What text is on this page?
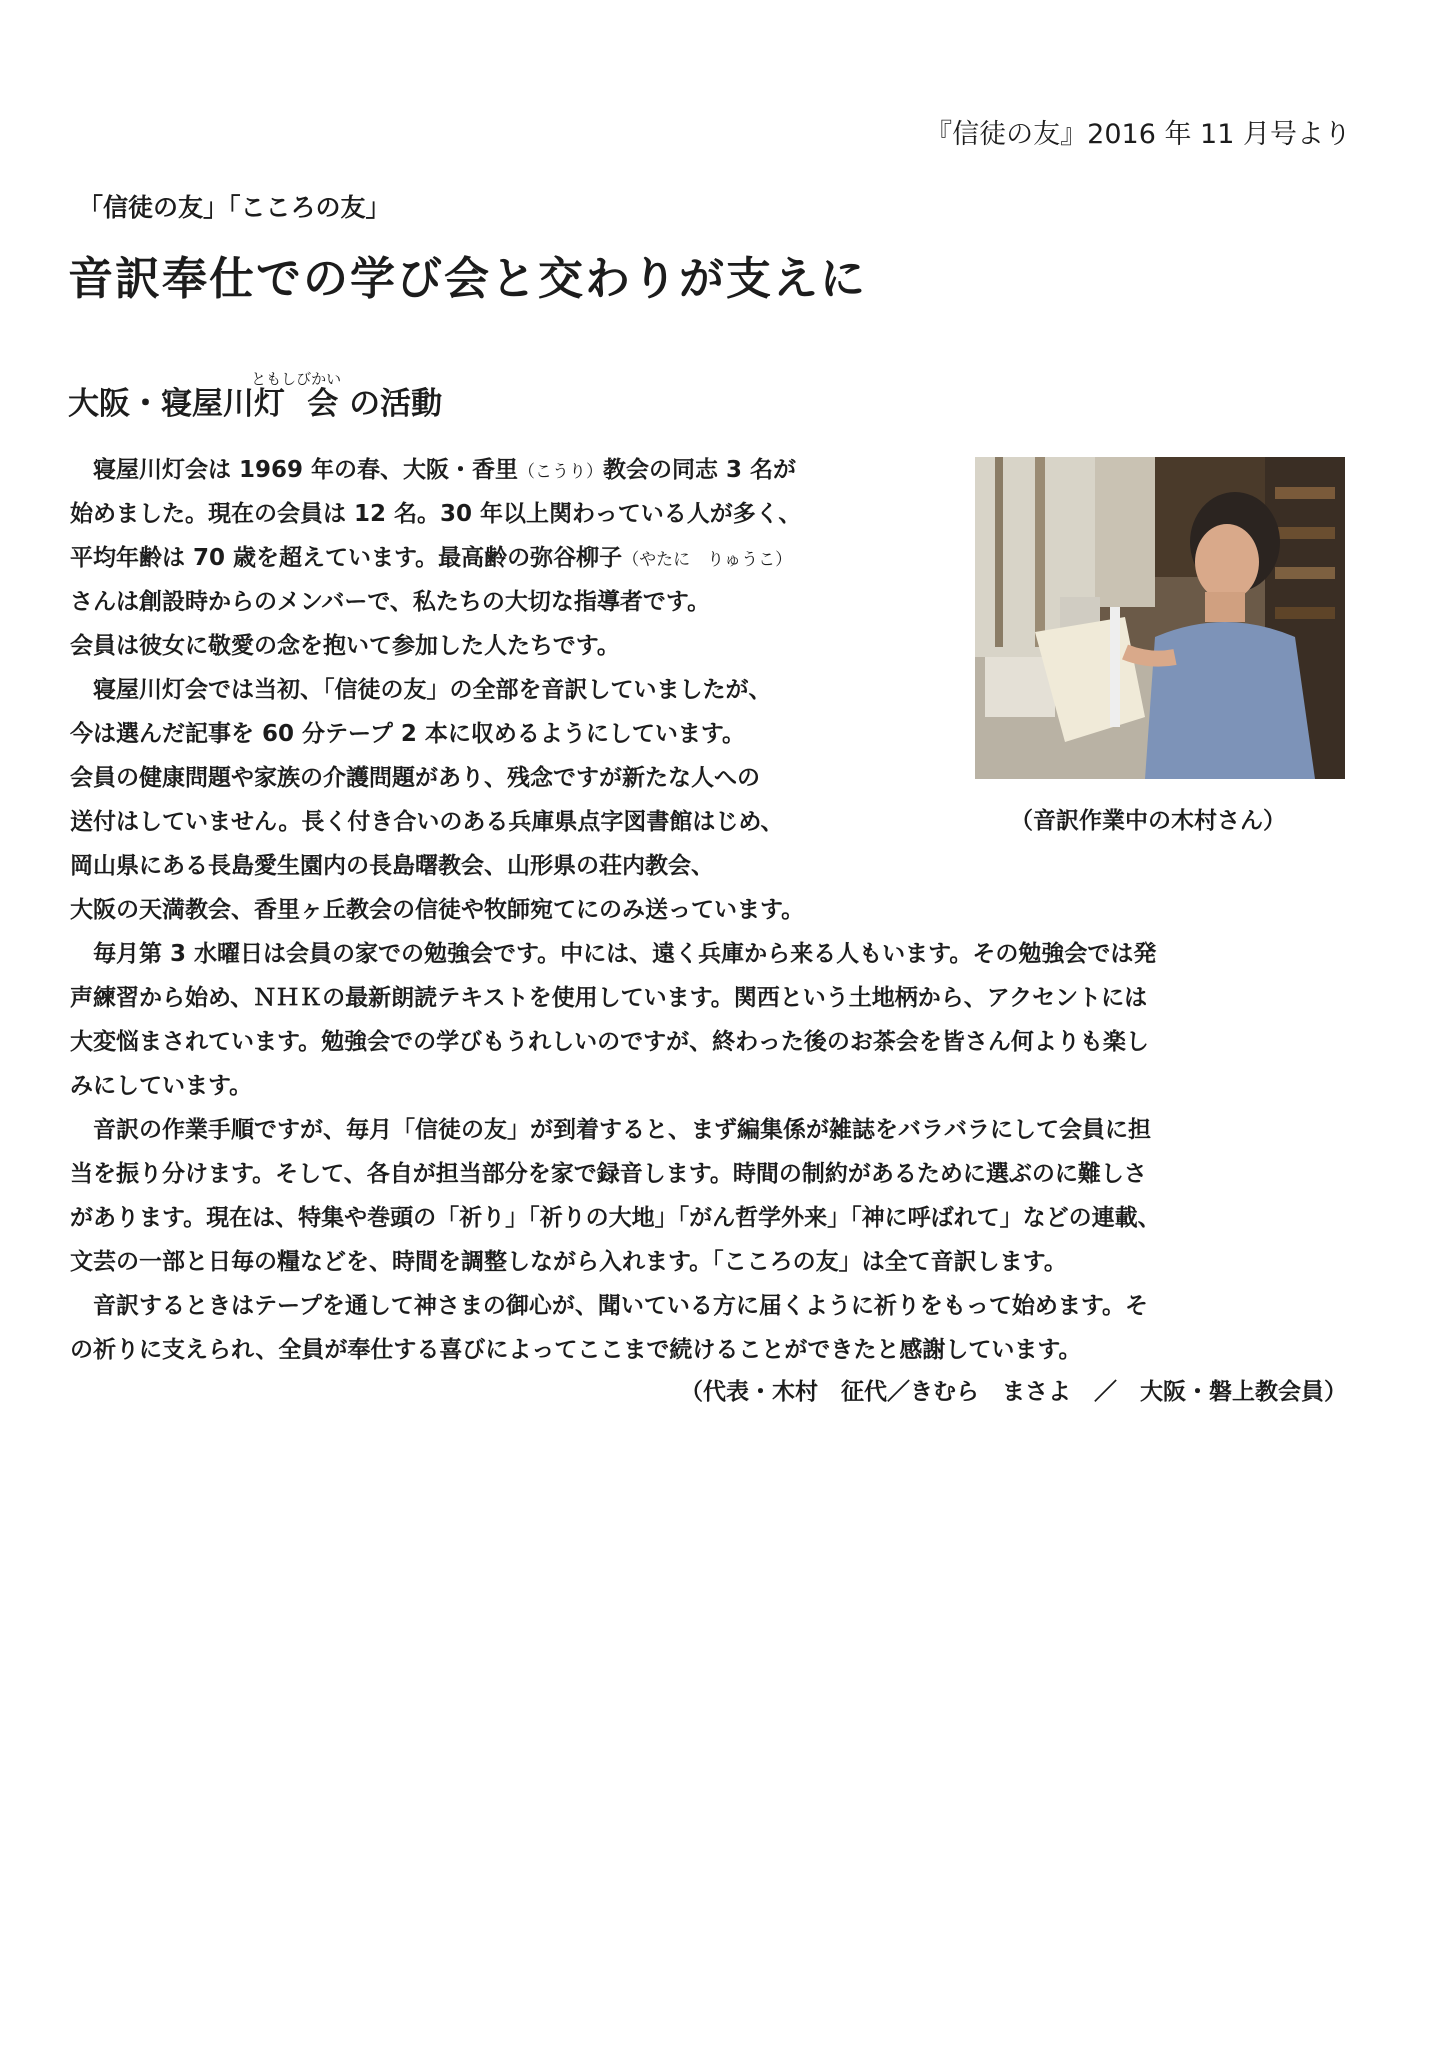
『信徒の友』2016 年 11 月号より
「信徒の友」「こころの友」
音訳奉仕での学び会と交わりが支えに
大阪・寝屋川灯 会ともしびかい の活動
　寝屋川灯会は 1969 年の春、大阪・香里（こうり）教会の同志 3 名が
始めました。現在の会員は 12 名。30 年以上関わっている人が多く、
平均年齢は 70 歳を超えています。最高齢の弥谷柳子（やたに　りゅうこ）
さんは創設時からのメンバーで、私たちの大切な指導者です。
会員は彼女に敬愛の念を抱いて参加した人たちです。
　寝屋川灯会では当初、「信徒の友」の全部を音訳していましたが、
今は選んだ記事を 60 分テープ 2 本に収めるようにしています。
会員の健康問題や家族の介護問題があり、残念ですが新たな人への
送付はしていません。長く付き合いのある兵庫県点字図書館はじめ、
岡山県にある長島愛生園内の長島曙教会、山形県の荘内教会、
大阪の天満教会、香里ヶ丘教会の信徒や牧師宛てにのみ送っています。
　毎月第 3 水曜日は会員の家での勉強会です。中には、遠く兵庫から来る人もいます。その勉強会では発
声練習から始め、ＮＨＫの最新朗読テキストを使用しています。関西という土地柄から、アクセントには
大変悩まされています。勉強会での学びもうれしいのですが、終わった後のお茶会を皆さん何よりも楽し
みにしています。
　音訳の作業手順ですが、毎月「信徒の友」が到着すると、まず編集係が雑誌をバラバラにして会員に担
当を振り分けます。そして、各自が担当部分を家で録音します。時間の制約があるために選ぶのに難しさ
があります。現在は、特集や巻頭の「祈り」「祈りの大地」「がん哲学外来」「神に呼ばれて」などの連載、
文芸の一部と日毎の糧などを、時間を調整しながら入れます。「こころの友」は全て音訳します。
　音訳するときはテープを通して神さまの御心が、聞いている方に届くように祈りをもって始めます。そ
の祈りに支えられ、全員が奉仕する喜びによってここまで続けることができたと感謝しています。
（音訳作業中の木村さん）
（代表・木村　征代／きむら　まさよ　／　大阪・磐上教会員）
